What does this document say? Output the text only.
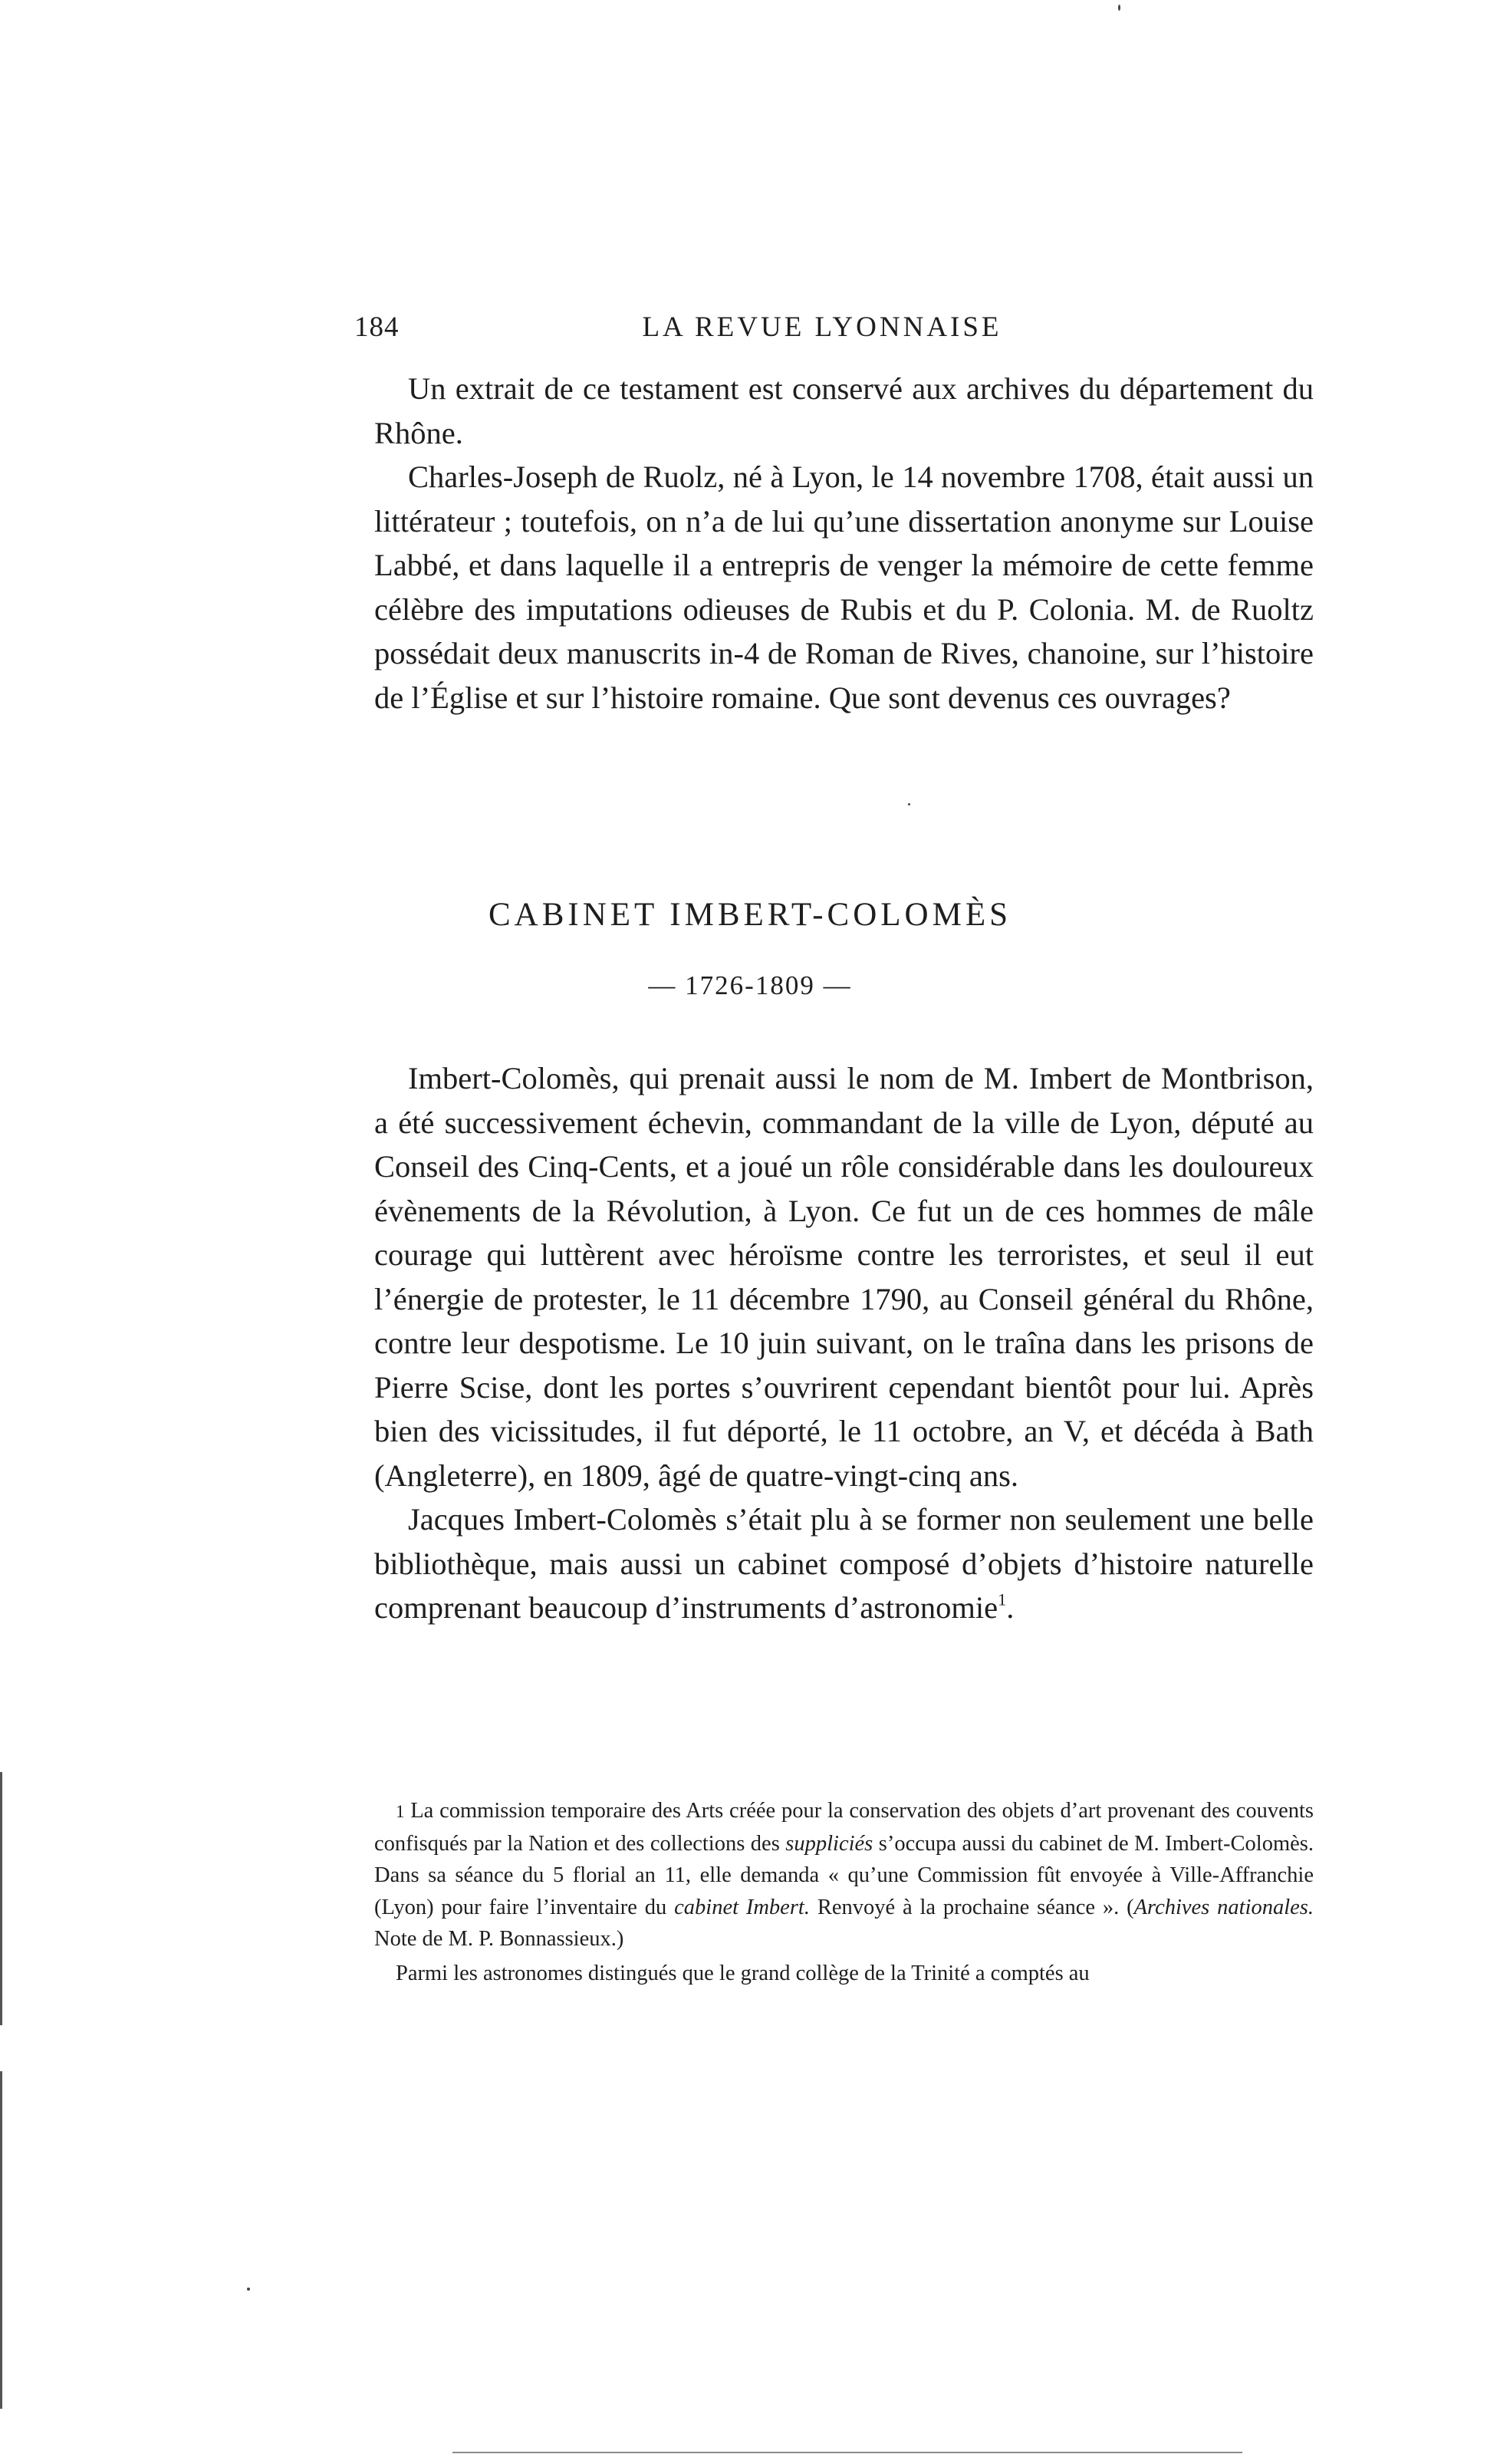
184	LA REVUE LYONNAISE

Un extrait de ce testament est conservé aux archives du département du Rhône.

Charles-Joseph de Ruolz, né à Lyon, le 14 novembre 1708, était aussi un littérateur ; toutefois, on n’a de lui qu’une dissertation anonyme sur Louise Labbé, et dans laquelle il a entrepris de venger la mémoire de cette femme célèbre des imputations odieuses de Rubis et du P. Colonia. M. de Ruoltz possédait deux manuscrits in-4 de Roman de Rives, chanoine, sur l’histoire de l’Église et sur l’histoire romaine. Que sont devenus ces ouvrages?

CABINET IMBERT-COLOMÈS
— 1726-1809 —

Imbert-Colomès, qui prenait aussi le nom de M. Imbert de Montbrison, a été successivement échevin, commandant de la ville de Lyon, député au Conseil des Cinq-Cents, et a joué un rôle considérable dans les douloureux évènements de la Révolution, à Lyon. Ce fut un de ces hommes de mâle courage qui luttèrent avec héroïsme contre les terroristes, et seul il eut l’énergie de protester, le 11 décembre 1790, au Conseil général du Rhône, contre leur despotisme. Le 10 juin suivant, on le traîna dans les prisons de Pierre Scise, dont les portes s’ouvrirent cependant bientôt pour lui. Après bien des vicissitudes, il fut déporté, le 11 octobre, an V, et décéda à Bath (Angleterre), en 1809, âgé de quatre-vingt-cinq ans.

Jacques Imbert-Colomès s’était plu à se former non seulement une belle bibliothèque, mais aussi un cabinet composé d’objets d’histoire naturelle comprenant beaucoup d’instruments d’astronomie$^1$.

1 La commission temporaire des Arts créée pour la conservation des objets d’art provenant des couvents confisqués par la Nation et des collections des suppliciés s’occupa aussi du cabinet de M. Imbert-Colomès. Dans sa séance du 5 florial an 11, elle demanda « qu’une Commission fût envoyée à Ville-Affranchie (Lyon) pour faire l’inventaire du cabinet Imbert. Renvoyé à la prochaine séance ». (Archives nationales. Note de M. P. Bonnassieux.)

Parmi les astronomes distingués que le grand collège de la Trinité a comptés au
